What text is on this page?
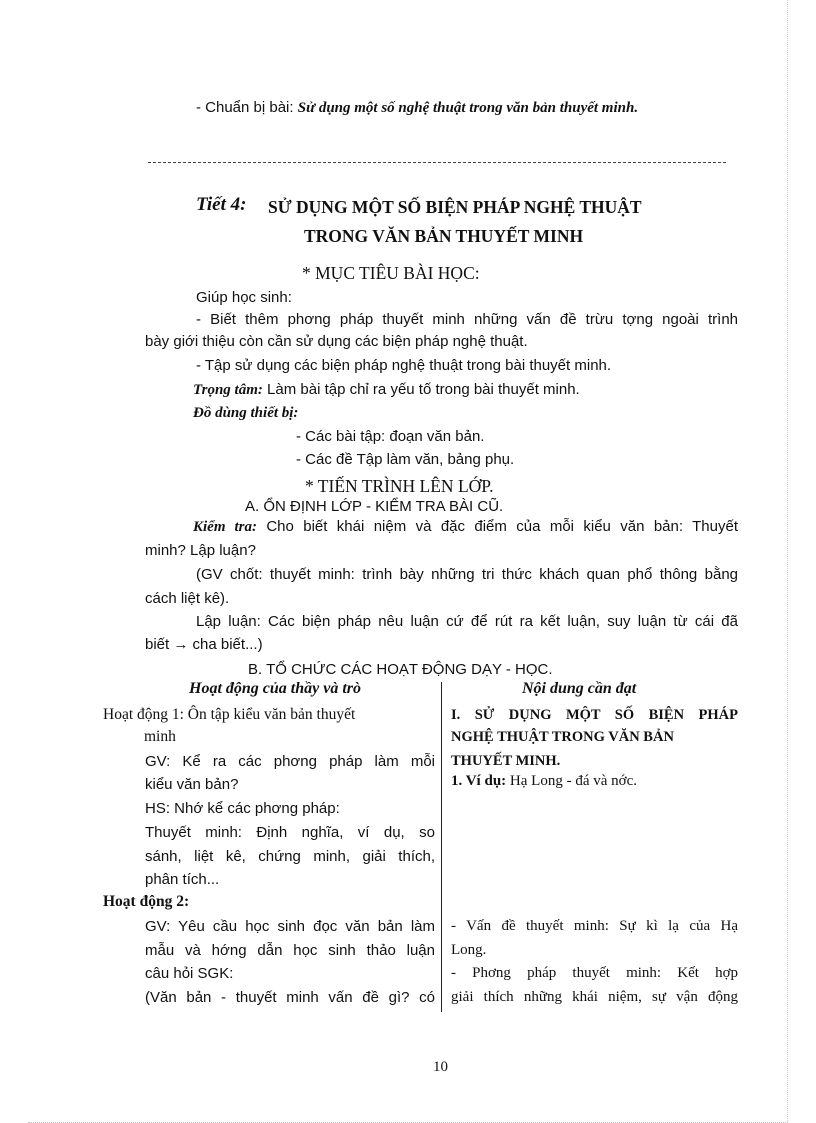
- Chuẩn bị bài: Sử dụng một số nghệ thuật trong văn bản thuyết minh.
Tiết 4: SỬ DỤNG MỘT SỐ BIỆN PHÁP NGHỆ THUẬT
TRONG VĂN BẢN THUYẾT MINH
* MỤC TIÊU BÀI HỌC:
Giúp học sinh:
- Biết thêm phơng pháp thuyết minh những vấn đề trừu tợng ngoài trình
bày giới thiệu còn cần sử dụng các biện pháp nghệ thuật.
- Tập sử dụng các biện pháp nghệ thuật trong bài thuyết minh.
Trọng tâm: Làm bài tập chỉ ra yếu tố trong bài thuyết minh.
Đồ dùng thiết bị:
- Các bài tập: đoạn văn bản.
- Các đề Tập làm văn, bảng phụ.
* TIẾN TRÌNH LÊN LỚP.
A. ỔN ĐỊNH LỚP - KIỂM TRA BÀI CŨ.
Kiểm tra: Cho biết khái niệm và đặc điểm của mỗi kiểu văn bản: Thuyết
minh? Lập luận?
(GV chốt: thuyết minh: trình bày những tri thức khách quan phổ thông bằng
cách liệt kê).
Lập luận: Các biện pháp nêu luận cứ để rút ra kết luận, suy luận từ cái đã
biết → cha biết...)
B. TỔ CHỨC CÁC HOẠT ĐỘNG DẠY - HỌC.
Hoạt động của thầy và trò	Nội dung cần đạt
Hoạt động 1: Ôn tập kiểu văn bản thuyết
minh
GV: Kể ra các phơng pháp làm mỗi
kiểu văn bản?
HS: Nhớ kể các phơng pháp:
Thuyết minh: Định nghĩa, ví dụ, so
sánh, liệt kê, chứng minh, giải thích,
phân tích...
Hoạt động 2:
GV: Yêu cầu học sinh đọc văn bản làm
mẫu và hớng dẫn học sinh thảo luận
câu hỏi SGK:
(Văn bản - thuyết minh vấn đề gì? có
I. SỬ DỤNG MỘT SỐ BIỆN PHÁP
NGHỆ THUẬT TRONG VĂN BẢN
THUYẾT MINH.
1. Ví dụ: Hạ Long - đá và nớc.
- Vấn đề thuyết minh: Sự kì lạ của Hạ
Long.
- Phơng pháp thuyết minh: Kết hợp
giải thích những khái niệm, sự vận động
10
